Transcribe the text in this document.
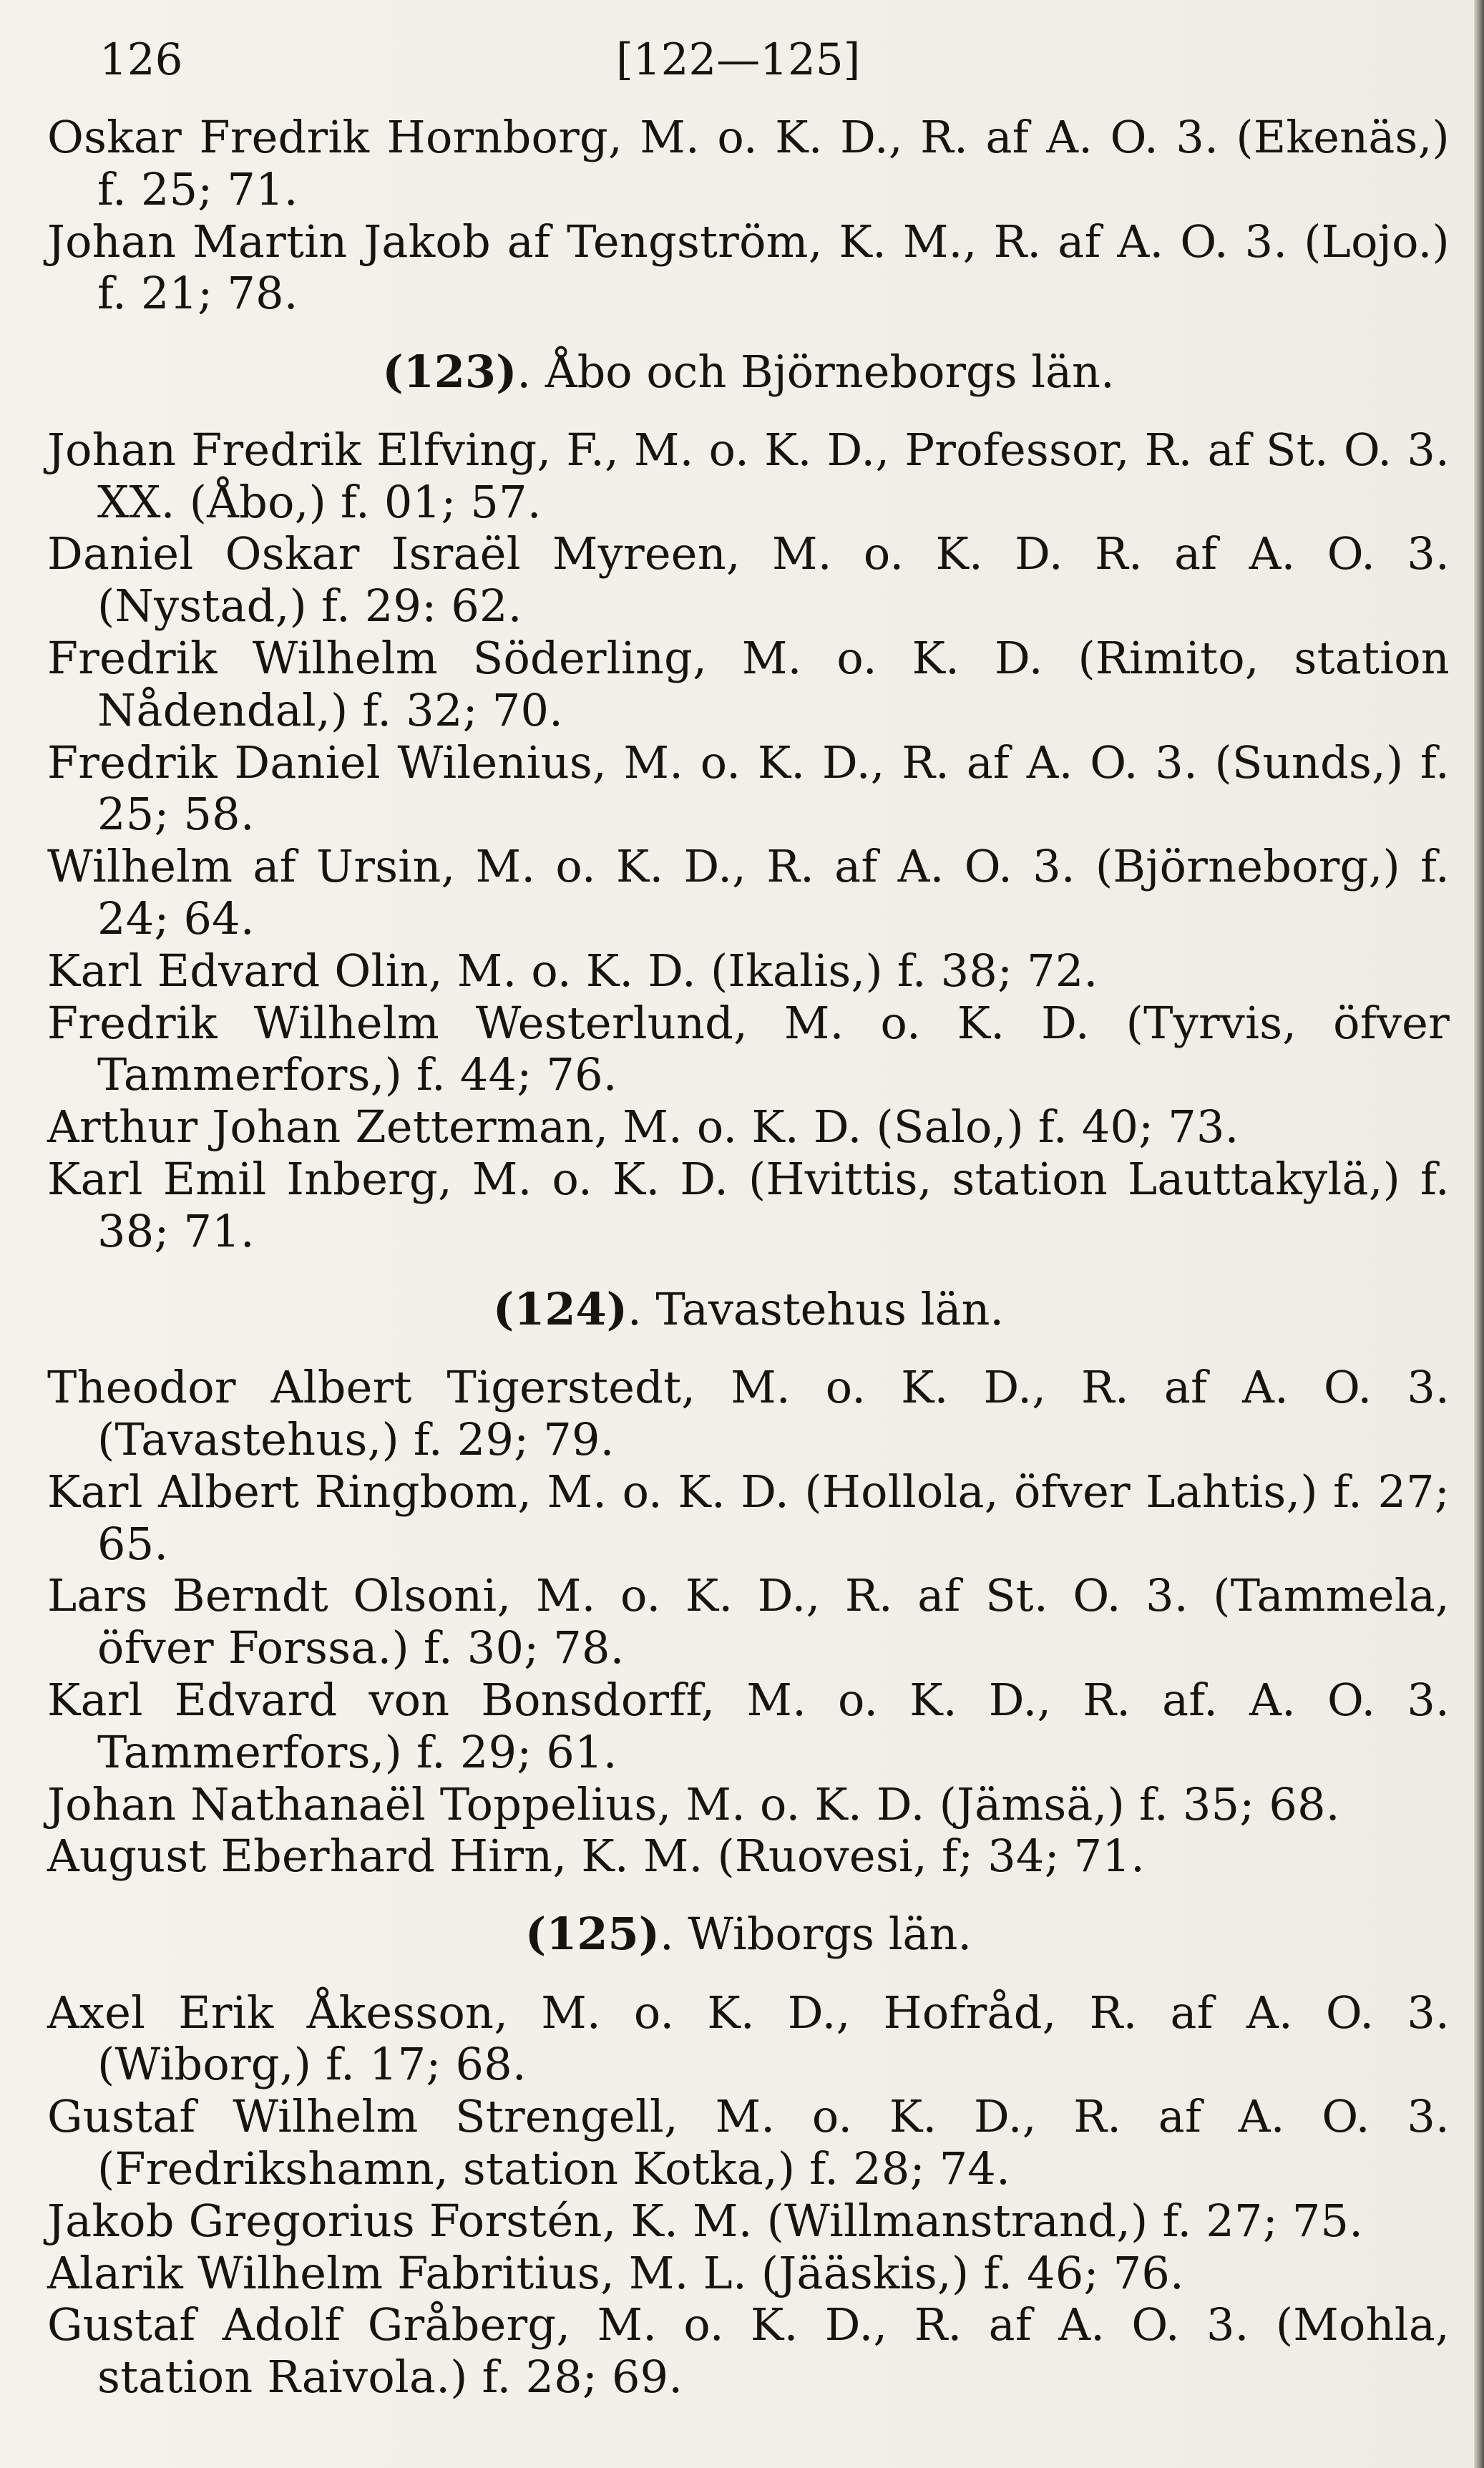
126	[122—125]

Oskar Fredrik Hornborg, M. o. K. D., R. af A. O. 3. (Ekenäs,) f. 25; 71.

Johan Martin Jakob af Tengström, K. M., R. af A. O. 3. (Lojo.) f. 21; 78.

(123) . Åbo och Björneborgs län.

Johan Fredrik Elfving, F., M. o. K. D., Professor, R. af St. O. 3. XX. (Åbo,) f. 01; 57.

Daniel Oskar Israël Myreen, M. o. K. D. R. af A. O. 3. (Nystad,) f. 29: 62.

Fredrik Wilhelm Söderling, M. o. K. D. (Rimito, station Nådendal,) f. 32; 70.

Fredrik Daniel Wilenius, M. o. K. D., R. af A. O. 3. (Sunds,) f. 25; 58.

Wilhelm af Ursin, M. o. K. D., R. af A. O. 3. (Björneborg,) f. 24; 64.

Karl Edvard Olin, M. o. K. D. (Ikalis,) f. 38; 72.

Fredrik Wilhelm Westerlund, M. o. K. D. (Tyrvis, öfver Tammerfors,) f. 44; 76.

Arthur Johan Zetterman, M. o. K. D. (Salo,) f. 40; 73.

Karl Emil Inberg, M. o. K. D. (Hvittis, station Lauttakylä,) f. 38; 71.

(124) . Tavastehus län.

Theodor Albert Tigerstedt, M. o. K. D., R. af A. O. 3. (Tavastehus,) f. 29; 79.

Karl Albert Ringbom, M. o. K. D. (Hollola, öfver Lahtis,) f. 27; 65.

Lars Berndt Olsoni, M. o. K. D., R. af St. O. 3. (Tammela, öfver Forssa.) f. 30; 78.

Karl Edvard von Bonsdorff, M. o. K. D., R. af. A. O. 3. Tammerfors,) f. 29; 61.

Johan Nathanaël Toppelius, M. o. K. D. (Jämsä,) f. 35; 68.

August Eberhard Hirn, K. M. (Ruovesi, f; 34; 71.

(125) . Wiborgs län.

Axel Erik Åkesson, M. o. K. D., Hofråd, R. af A. O. 3. (Wiborg,) f. 17; 68.

Gustaf Wilhelm Strengell, M. o. K. D., R. af A. O. 3. (Fredrikshamn, station Kotka,) f. 28; 74.

Jakob Gregorius Forstén, K. M. (Willmanstrand,) f. 27; 75.

Alarik Wilhelm Fabritius, M. L. (Jääskis,) f. 46; 76.

Gustaf Adolf Gråberg, M. o. K. D., R. af A. O. 3. (Mohla, station Raivola.) f. 28; 69.
